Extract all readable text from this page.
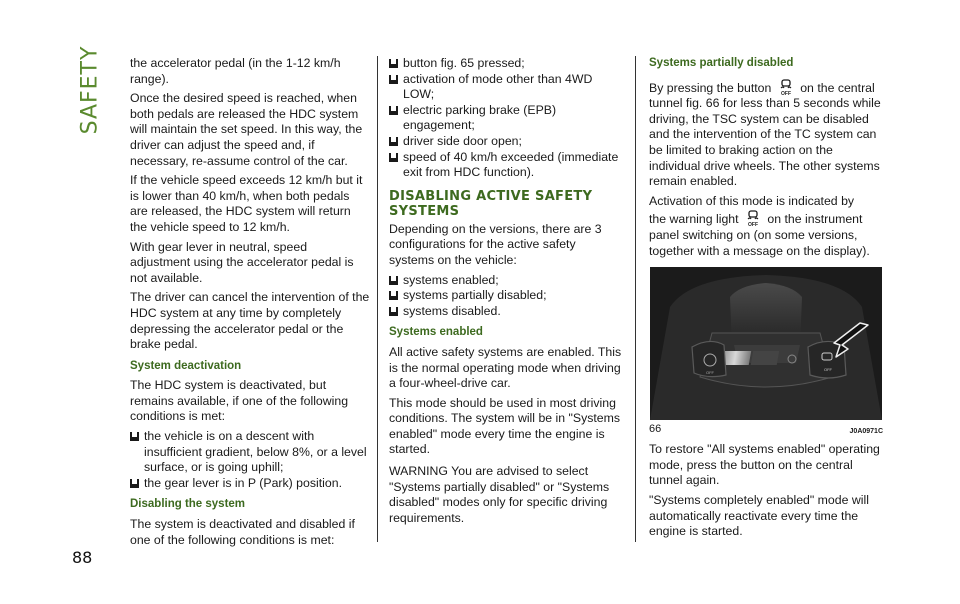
SAFETY
88

the accelerator pedal (in the 1-12 km/h range).

Once the desired speed is reached, when both pedals are released the HDC system will maintain the set speed. In this way, the driver can adjust the speed and, if necessary, re-assume control of the car.

If the vehicle speed exceeds 12 km/h but it is lower than 40 km/h, when both pedals are released, the HDC system will return the vehicle speed to 12 km/h.

With gear lever in neutral, speed adjustment using the accelerator pedal is not available.

The driver can cancel the intervention of the HDC system at any time by completely depressing the accelerator pedal or the brake pedal.

System deactivation

The HDC system is deactivated, but remains available, if one of the following conditions is met:

the vehicle is on a descent with insufficient gradient, below 8%, or a level surface, or is going uphill;
the gear lever is in P (Park) position.
Disabling the system

The system is deactivated and disabled if one of the following conditions is met:

button fig. 65 pressed;
activation of mode other than 4WD LOW;
electric parking brake (EPB) engagement;
driver side door open;
speed of 40 km/h exceeded (immediate exit from HDC function).
DISABLING ACTIVE SAFETY SYSTEMS

Depending on the versions, there are 3 configurations for the active safety systems on the vehicle:

systems enabled;
systems partially disabled;
systems disabled.
Systems enabled

All active safety systems are enabled. This is the normal operating mode when driving a four-wheel-drive car.

This mode should be used in most driving conditions. The system will be in "Systems enabled" mode every time the engine is started.

WARNING You are advised to select "Systems partially disabled" or "Systems disabled" modes only for specific driving requirements.

Systems partially disabled

By pressing the button OFF on the central tunnel fig. 66 for less than 5 seconds while driving, the TSC system can be disabled and the intervention of the TC system can be limited to braking action on the individual drive wheels. The other systems remain enabled.

Activation of this mode is indicated by

the warning light OFF on the instrument panel switching on (on some versions, together with a message on the display).

OFF
OFF
66	J0A0971C

To restore "All systems enabled" operating mode, press the button on the central tunnel again.

"Systems completely enabled" mode will automatically reactivate every time the engine is started.
